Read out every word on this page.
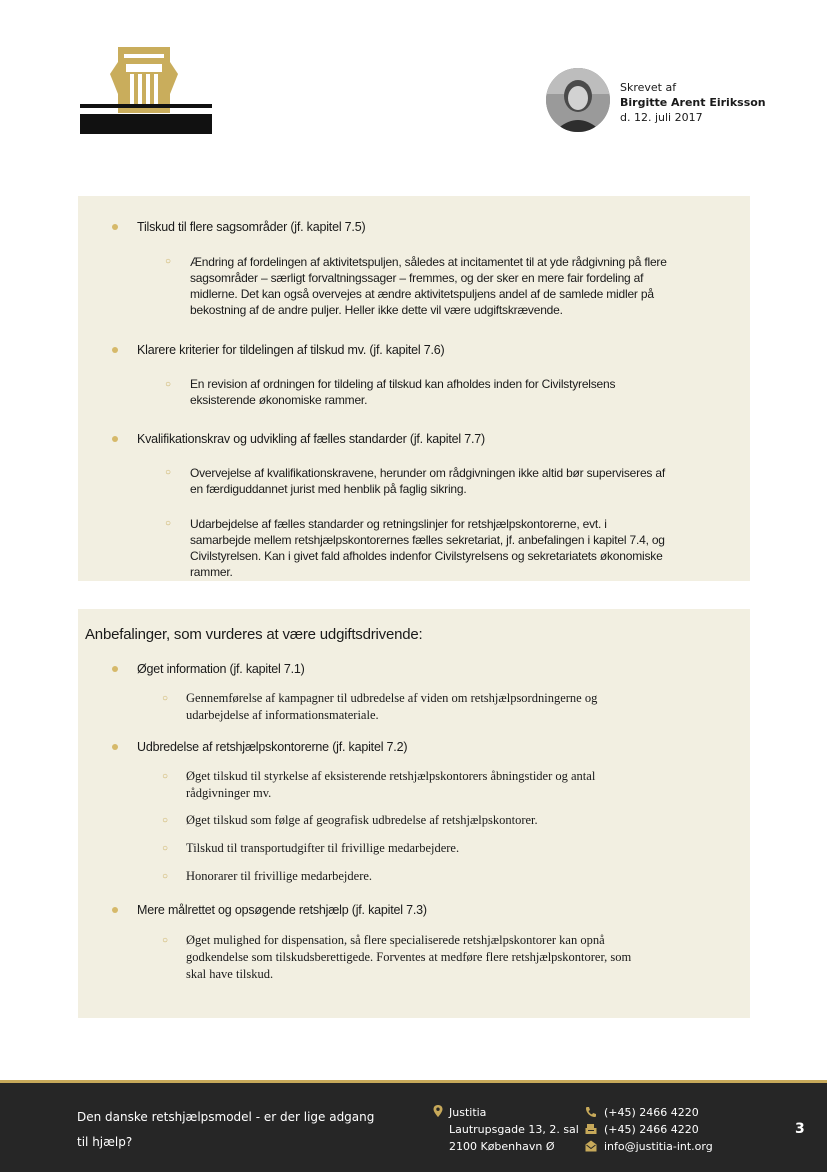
Skrevet af
Birgitte Arent Eiriksson
d. 12. juli 2017
Tilskud til flere sagsområder (jf. kapitel 7.5)
○ Ændring af fordelingen af aktivitetspuljen, således at incitamentet til at yde rådgivning på flere
sagsområder – særligt forvaltningssager – fremmes, og der sker en mere fair fordeling af
midlerne. Det kan også overvejes at ændre aktivitetspuljens andel af de samlede midler på
bekostning af de andre puljer. Heller ikke dette vil være udgiftskrævende.
Klarere kriterier for tildelingen af tilskud mv. (jf. kapitel 7.6)
○ En revision af ordningen for tildeling af tilskud kan afholdes inden for Civilstyrelsens
eksisterende økonomiske rammer.
Kvalifikationskrav og udvikling af fælles standarder (jf. kapitel 7.7)
○ Overvejelse af kvalifikationskravene, herunder om rådgivningen ikke altid bør superviseres af
en færdiguddannet jurist med henblik på faglig sikring.
○ Udarbejdelse af fælles standarder og retningslinjer for retshjælpskontorerne, evt. i
samarbejde mellem retshjælpskontorernes fælles sekretariat, jf. anbefalingen i kapitel 7.4, og
Civilstyrelsen. Kan i givet fald afholdes indenfor Civilstyrelsens og sekretariatets økonomiske
rammer.
Anbefalinger, som vurderes at være udgiftsdrivende:
Øget information (jf. kapitel 7.1)
○ Gennemførelse af kampagner til udbredelse af viden om retshjælpsordningerne og
udarbejdelse af informationsmateriale.
Udbredelse af retshjælpskontorerne (jf. kapitel 7.2)
○ Øget tilskud til styrkelse af eksisterende retshjælpskontorers åbningstider og antal
rådgivninger mv.
○ Øget tilskud som følge af geografisk udbredelse af retshjælpskontorer.
○ Tilskud til transportudgifter til frivillige medarbejdere.
○ Honorarer til frivillige medarbejdere.
Mere målrettet og opsøgende retshjælp (jf. kapitel 7.3)
○ Øget mulighed for dispensation, så flere specialiserede retshjælpskontorer kan opnå
godkendelse som tilskudsberettigede. Forventes at medføre flere retshjælpskontorer, som
skal have tilskud.
Den danske retshjælpsmodel - er der lige adgang
til hjælp?
Justitia
Lautrupsgade 13, 2. sal
2100 København Ø
(+45) 2466 4220
(+45) 2466 4220
info@justitia-int.org
3
